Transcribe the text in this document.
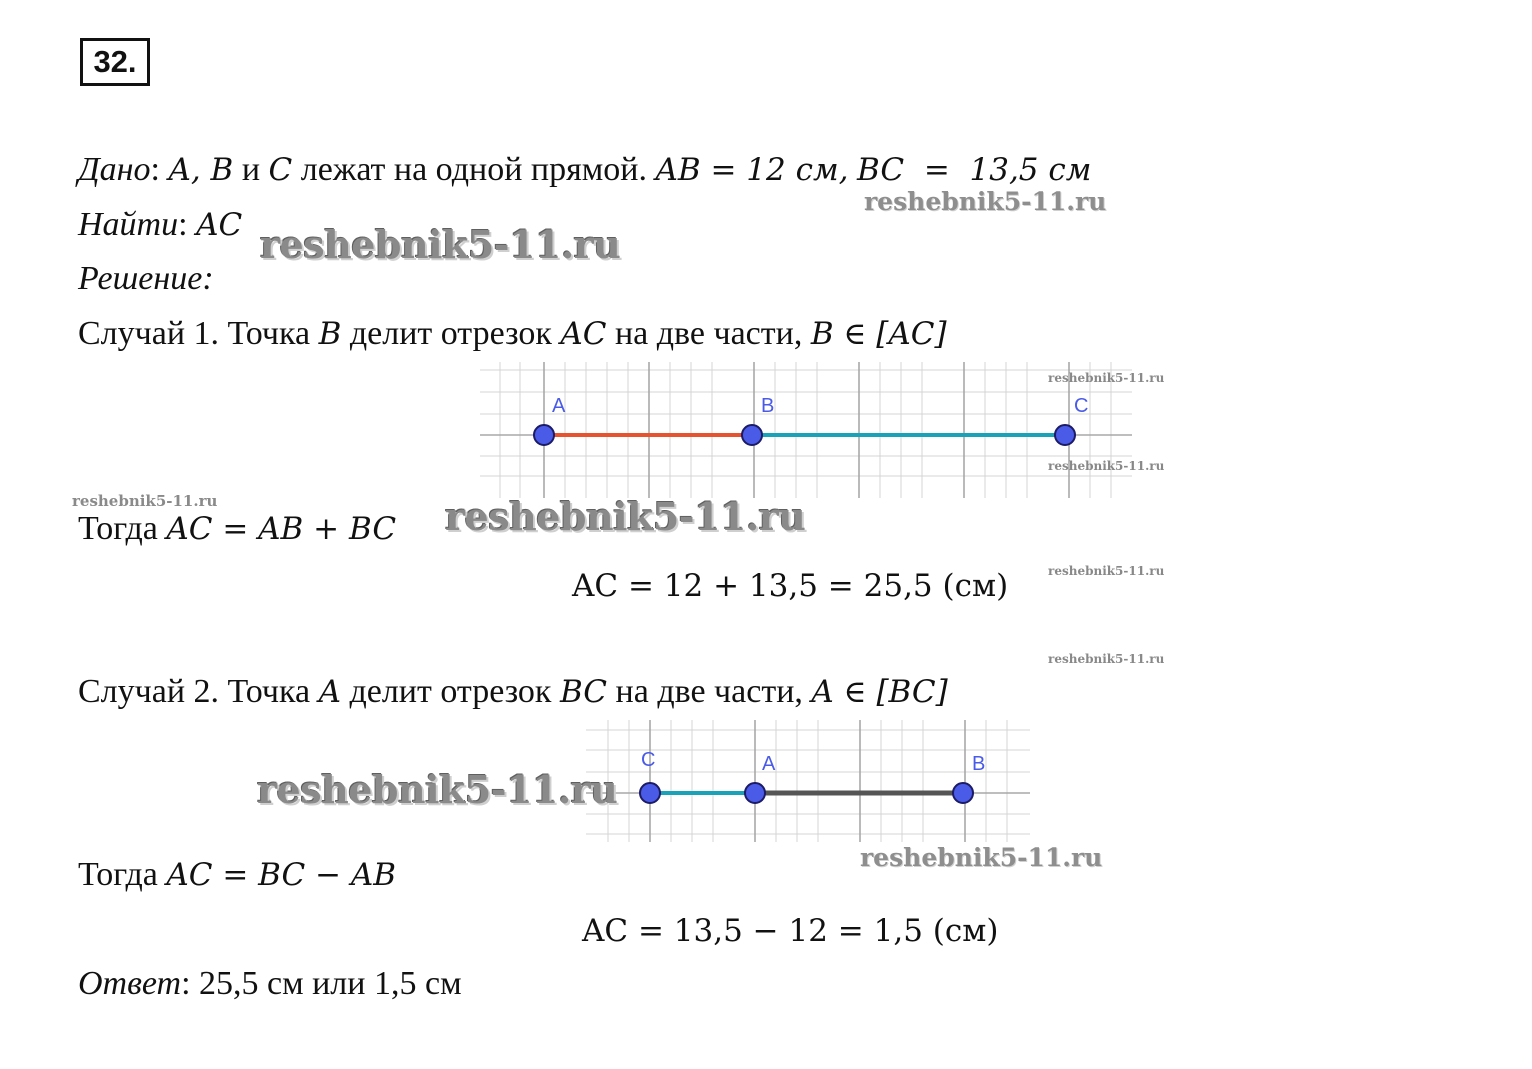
32.
Дано: A, B и C лежат на одной прямой. AB = 12 см, BC  =  13,5 см
Найти: AC
Решение:
Случай 1. Точка B делит отрезок AC на две части, B ∈ [AC]
A	B	C
Тогда AC = AB + BC
AC = 12 + 13,5 = 25,5 (см)
Случай 2. Точка A делит отрезок BC на две части, A ∈ [BC]
C	A	B
Тогда AC = BC − AB
AC = 13,5 − 12 = 1,5 (см)
Ответ: 25,5 см или 1,5 см
reshebnik5-11.ru
reshebnik5-11.ru
reshebnik5-11.ru
reshebnik5-11.ru
reshebnik5-11.ru	reshebnik5-11.ru
reshebnik5-11.ru
reshebnik5-11.ru
reshebnik5-11.ru
reshebnik5-11.ru
